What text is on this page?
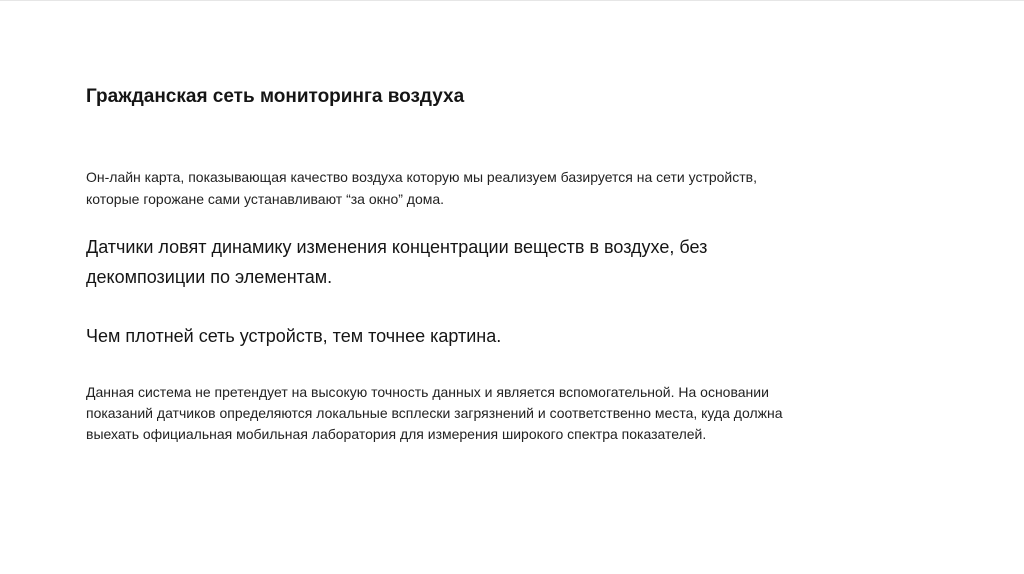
Гражданская сеть мониторинга воздуха

Он-лайн карта, показывающая качество воздуха которую мы реализуем базируется на сети устройств,
которые горожане сами устанавливают “за окно” дома.

Датчики ловят динамику изменения концентрации веществ в воздухе, без
декомпозиции по элементам.

Чем плотней сеть устройств, тем точнее картина.

Данная система не претендует на высокую точность данных и является вспомогательной. На основании
показаний датчиков определяются локальные всплески загрязнений и соответственно места, куда должна
выехать официальная мобильная лаборатория для измерения широкого спектра показателей.
